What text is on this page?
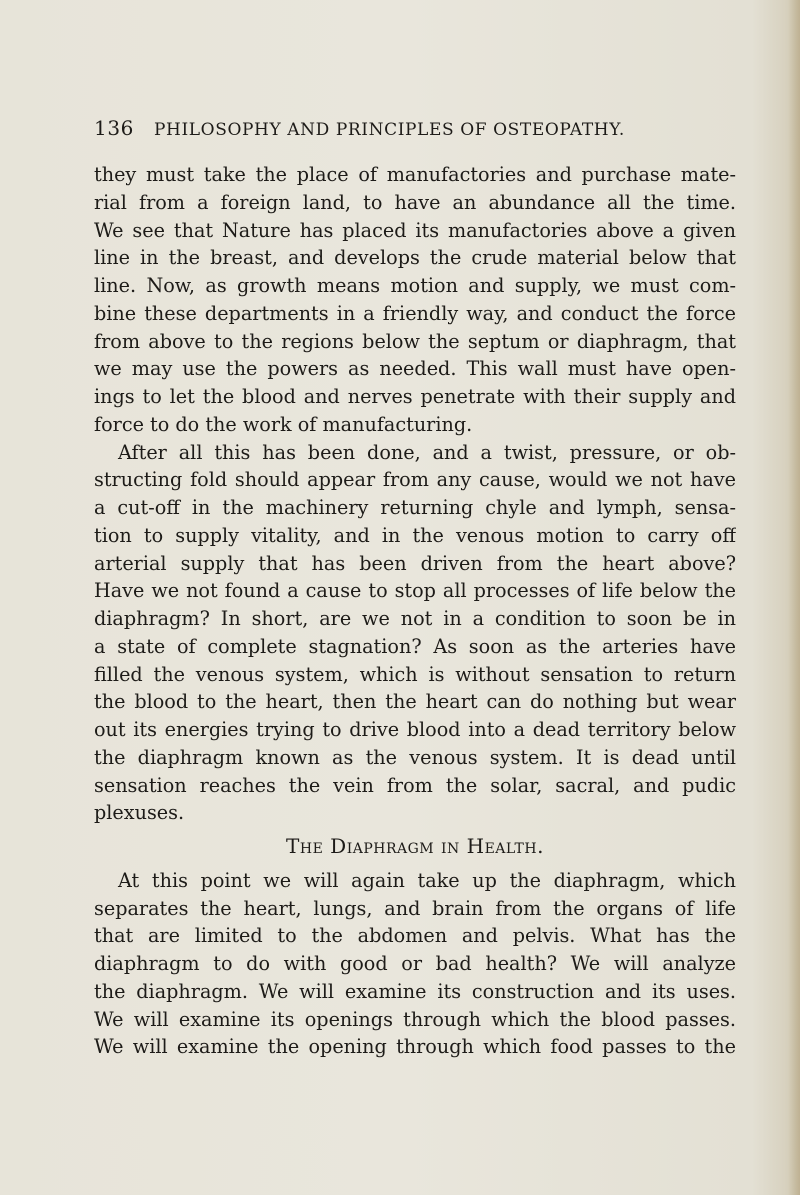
136 PHILOSOPHY AND PRINCIPLES OF OSTEOPATHY.
they must take the place of manufactories and purchase mate-
rial from a foreign land, to have an abundance all the time.
We see that Nature has placed its manufactories above a given
line in the breast, and develops the crude material below that
line. Now, as growth means motion and supply, we must com-
bine these departments in a friendly way, and conduct the force
from above to the regions below the septum or diaphragm, that
we may use the powers as needed. This wall must have open-
ings to let the blood and nerves penetrate with their supply and
force to do the work of manufacturing.
After all this has been done, and a twist, pressure, or ob-
structing fold should appear from any cause, would we not have
a cut-off in the machinery returning chyle and lymph, sensa-
tion to supply vitality, and in the venous motion to carry off
arterial supply that has been driven from the heart above?
Have we not found a cause to stop all processes of life below the
diaphragm? In short, are we not in a condition to soon be in
a state of complete stagnation? As soon as the arteries have
filled the venous system, which is without sensation to return
the blood to the heart, then the heart can do nothing but wear
out its energies trying to drive blood into a dead territory below
the diaphragm known as the venous system. It is dead until
sensation reaches the vein from the solar, sacral, and pudic
plexuses.
The Diaphragm in Health.
At this point we will again take up the diaphragm, which
separates the heart, lungs, and brain from the organs of life
that are limited to the abdomen and pelvis. What has the
diaphragm to do with good or bad health? We will analyze
the diaphragm. We will examine its construction and its uses.
We will examine its openings through which the blood passes.
We will examine the opening through which food passes to the
